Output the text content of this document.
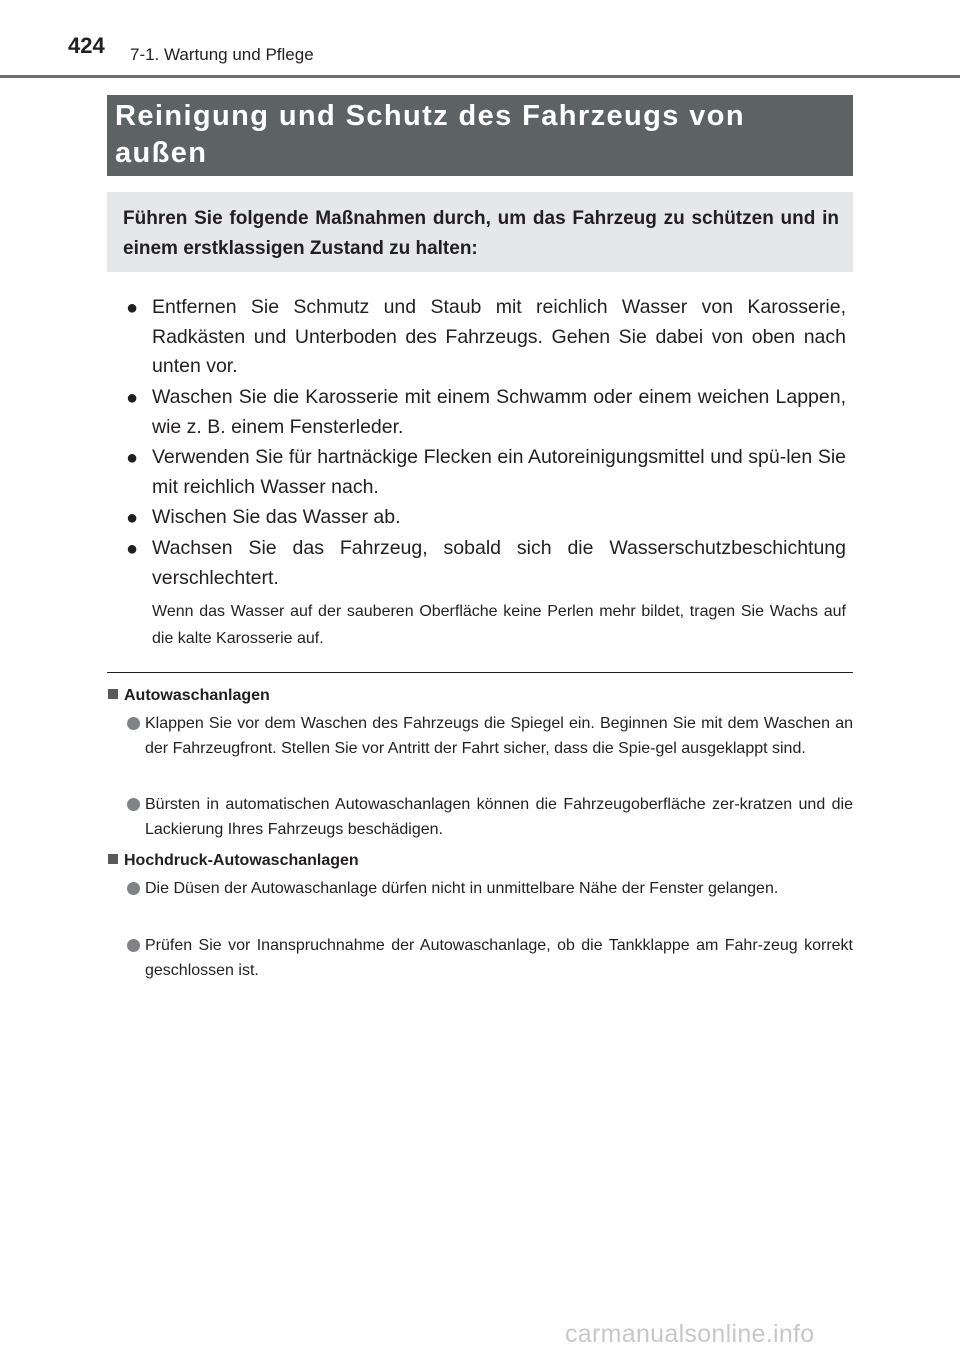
424 7-1. Wartung und Pflege
Reinigung und Schutz des Fahrzeugs von außen
Führen Sie folgende Maßnahmen durch, um das Fahrzeug zu schützen und in einem erstklassigen Zustand zu halten:
● Entfernen Sie Schmutz und Staub mit reichlich Wasser von Karosserie, Radkästen und Unterboden des Fahrzeugs. Gehen Sie dabei von oben nach unten vor.
● Waschen Sie die Karosserie mit einem Schwamm oder einem weichen Lappen, wie z. B. einem Fensterleder.
● Verwenden Sie für hartnäckige Flecken ein Autoreinigungsmittel und spü-len Sie mit reichlich Wasser nach.
● Wischen Sie das Wasser ab.
● Wachsen Sie das Fahrzeug, sobald sich die Wasserschutzbeschichtung verschlechtert.
Wenn das Wasser auf der sauberen Oberfläche keine Perlen mehr bildet, tragen Sie Wachs auf die kalte Karosserie auf.
Autowaschanlagen
Klappen Sie vor dem Waschen des Fahrzeugs die Spiegel ein. Beginnen Sie mit dem Waschen an der Fahrzeugfront. Stellen Sie vor Antritt der Fahrt sicher, dass die Spie-gel ausgeklappt sind.
Bürsten in automatischen Autowaschanlagen können die Fahrzeugoberfläche zer-kratzen und die Lackierung Ihres Fahrzeugs beschädigen.
Hochdruck-Autowaschanlagen
Die Düsen der Autowaschanlage dürfen nicht in unmittelbare Nähe der Fenster gelangen.
Prüfen Sie vor Inanspruchnahme der Autowaschanlage, ob die Tankklappe am Fahr-zeug korrekt geschlossen ist.
carmanualsonline.info
